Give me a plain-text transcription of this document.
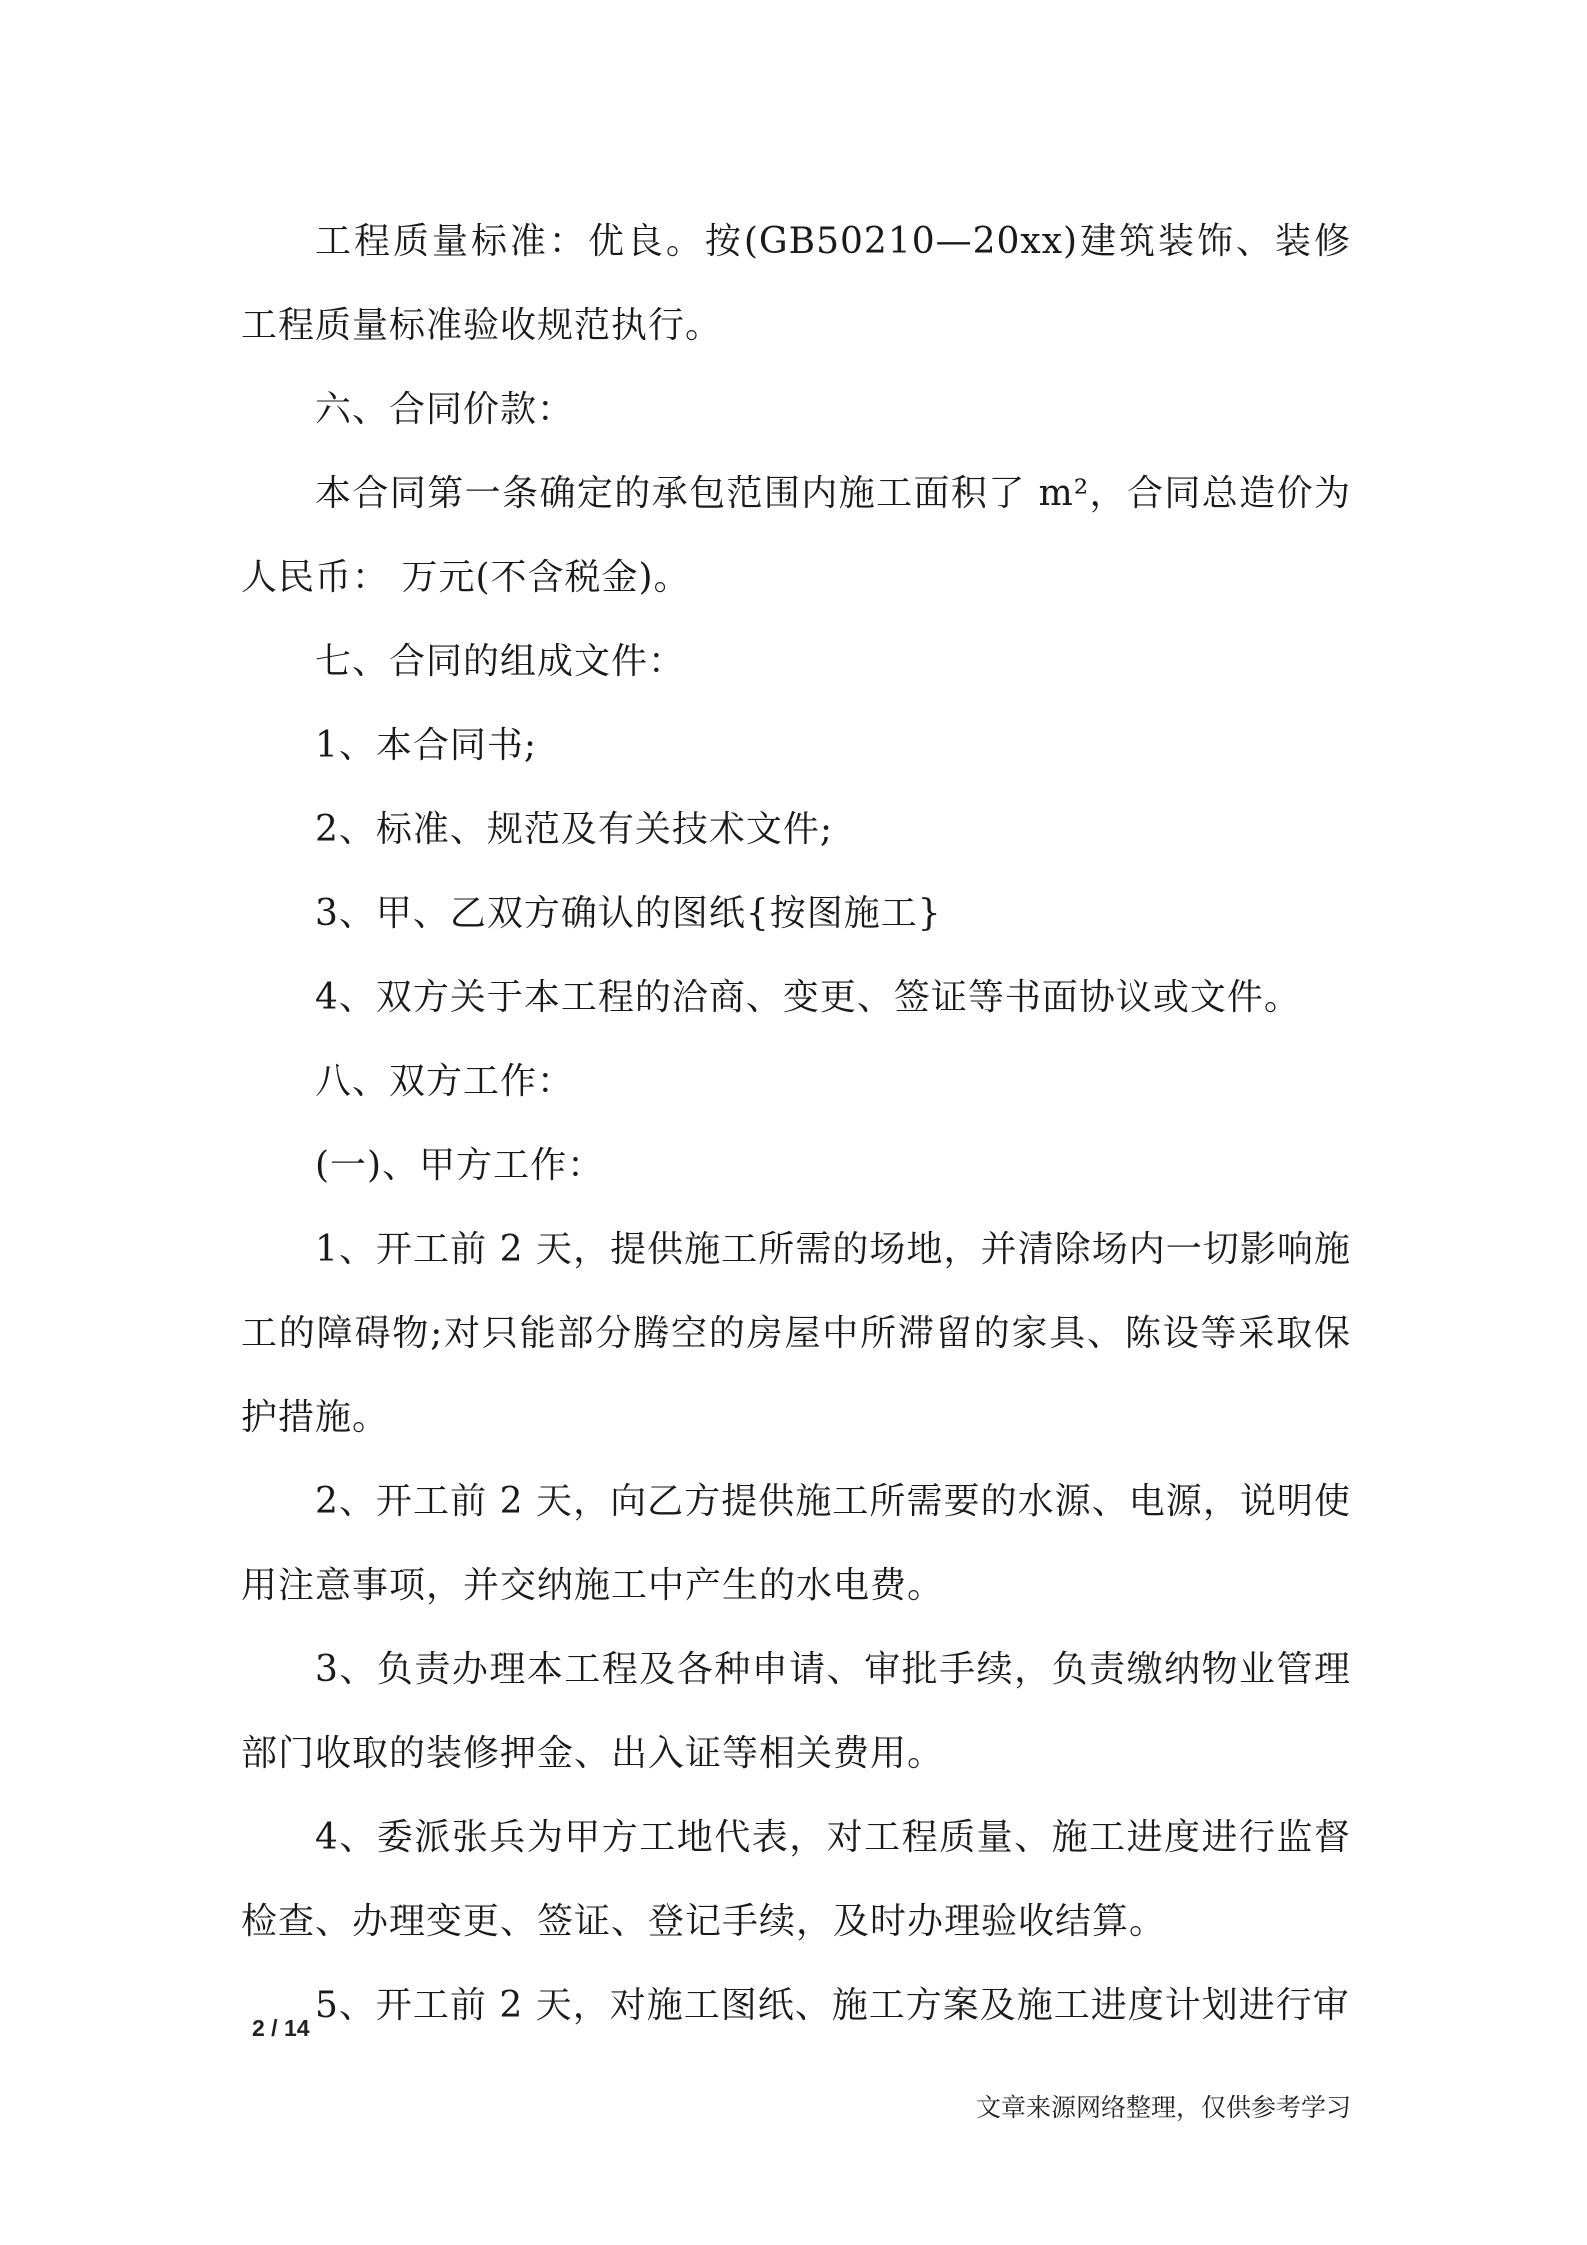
工程质量标准：优良。按(GB50210—20xx)建筑装饰、装修工程质量标准验收规范执行。

六、合同价款：

本合同第一条确定的承包范围内施工面积了 m²，合同总造价为人民币： 万元(不含税金)。

七、合同的组成文件：

1、本合同书;

2、标准、规范及有关技术文件;

3、甲、乙双方确认的图纸{按图施工}

4、双方关于本工程的洽商、变更、签证等书面协议或文件。

八、双方工作：

(一)、甲方工作：

1、开工前 2 天，提供施工所需的场地，并清除场内一切影响施工的障碍物;对只能部分腾空的房屋中所滞留的家具、陈设等采取保护措施。

2、开工前 2 天，向乙方提供施工所需要的水源、电源，说明使用注意事项，并交纳施工中产生的水电费。

3、负责办理本工程及各种申请、审批手续，负责缴纳物业管理部门收取的装修押金、出入证等相关费用。

4、委派张兵为甲方工地代表，对工程质量、施工进度进行监督检查、办理变更、签证、登记手续，及时办理验收结算。

5、开工前 2 天，对施工图纸、施工方案及施工进度计划进行审

2 / 14
文章来源网络整理，仅供参考学习
